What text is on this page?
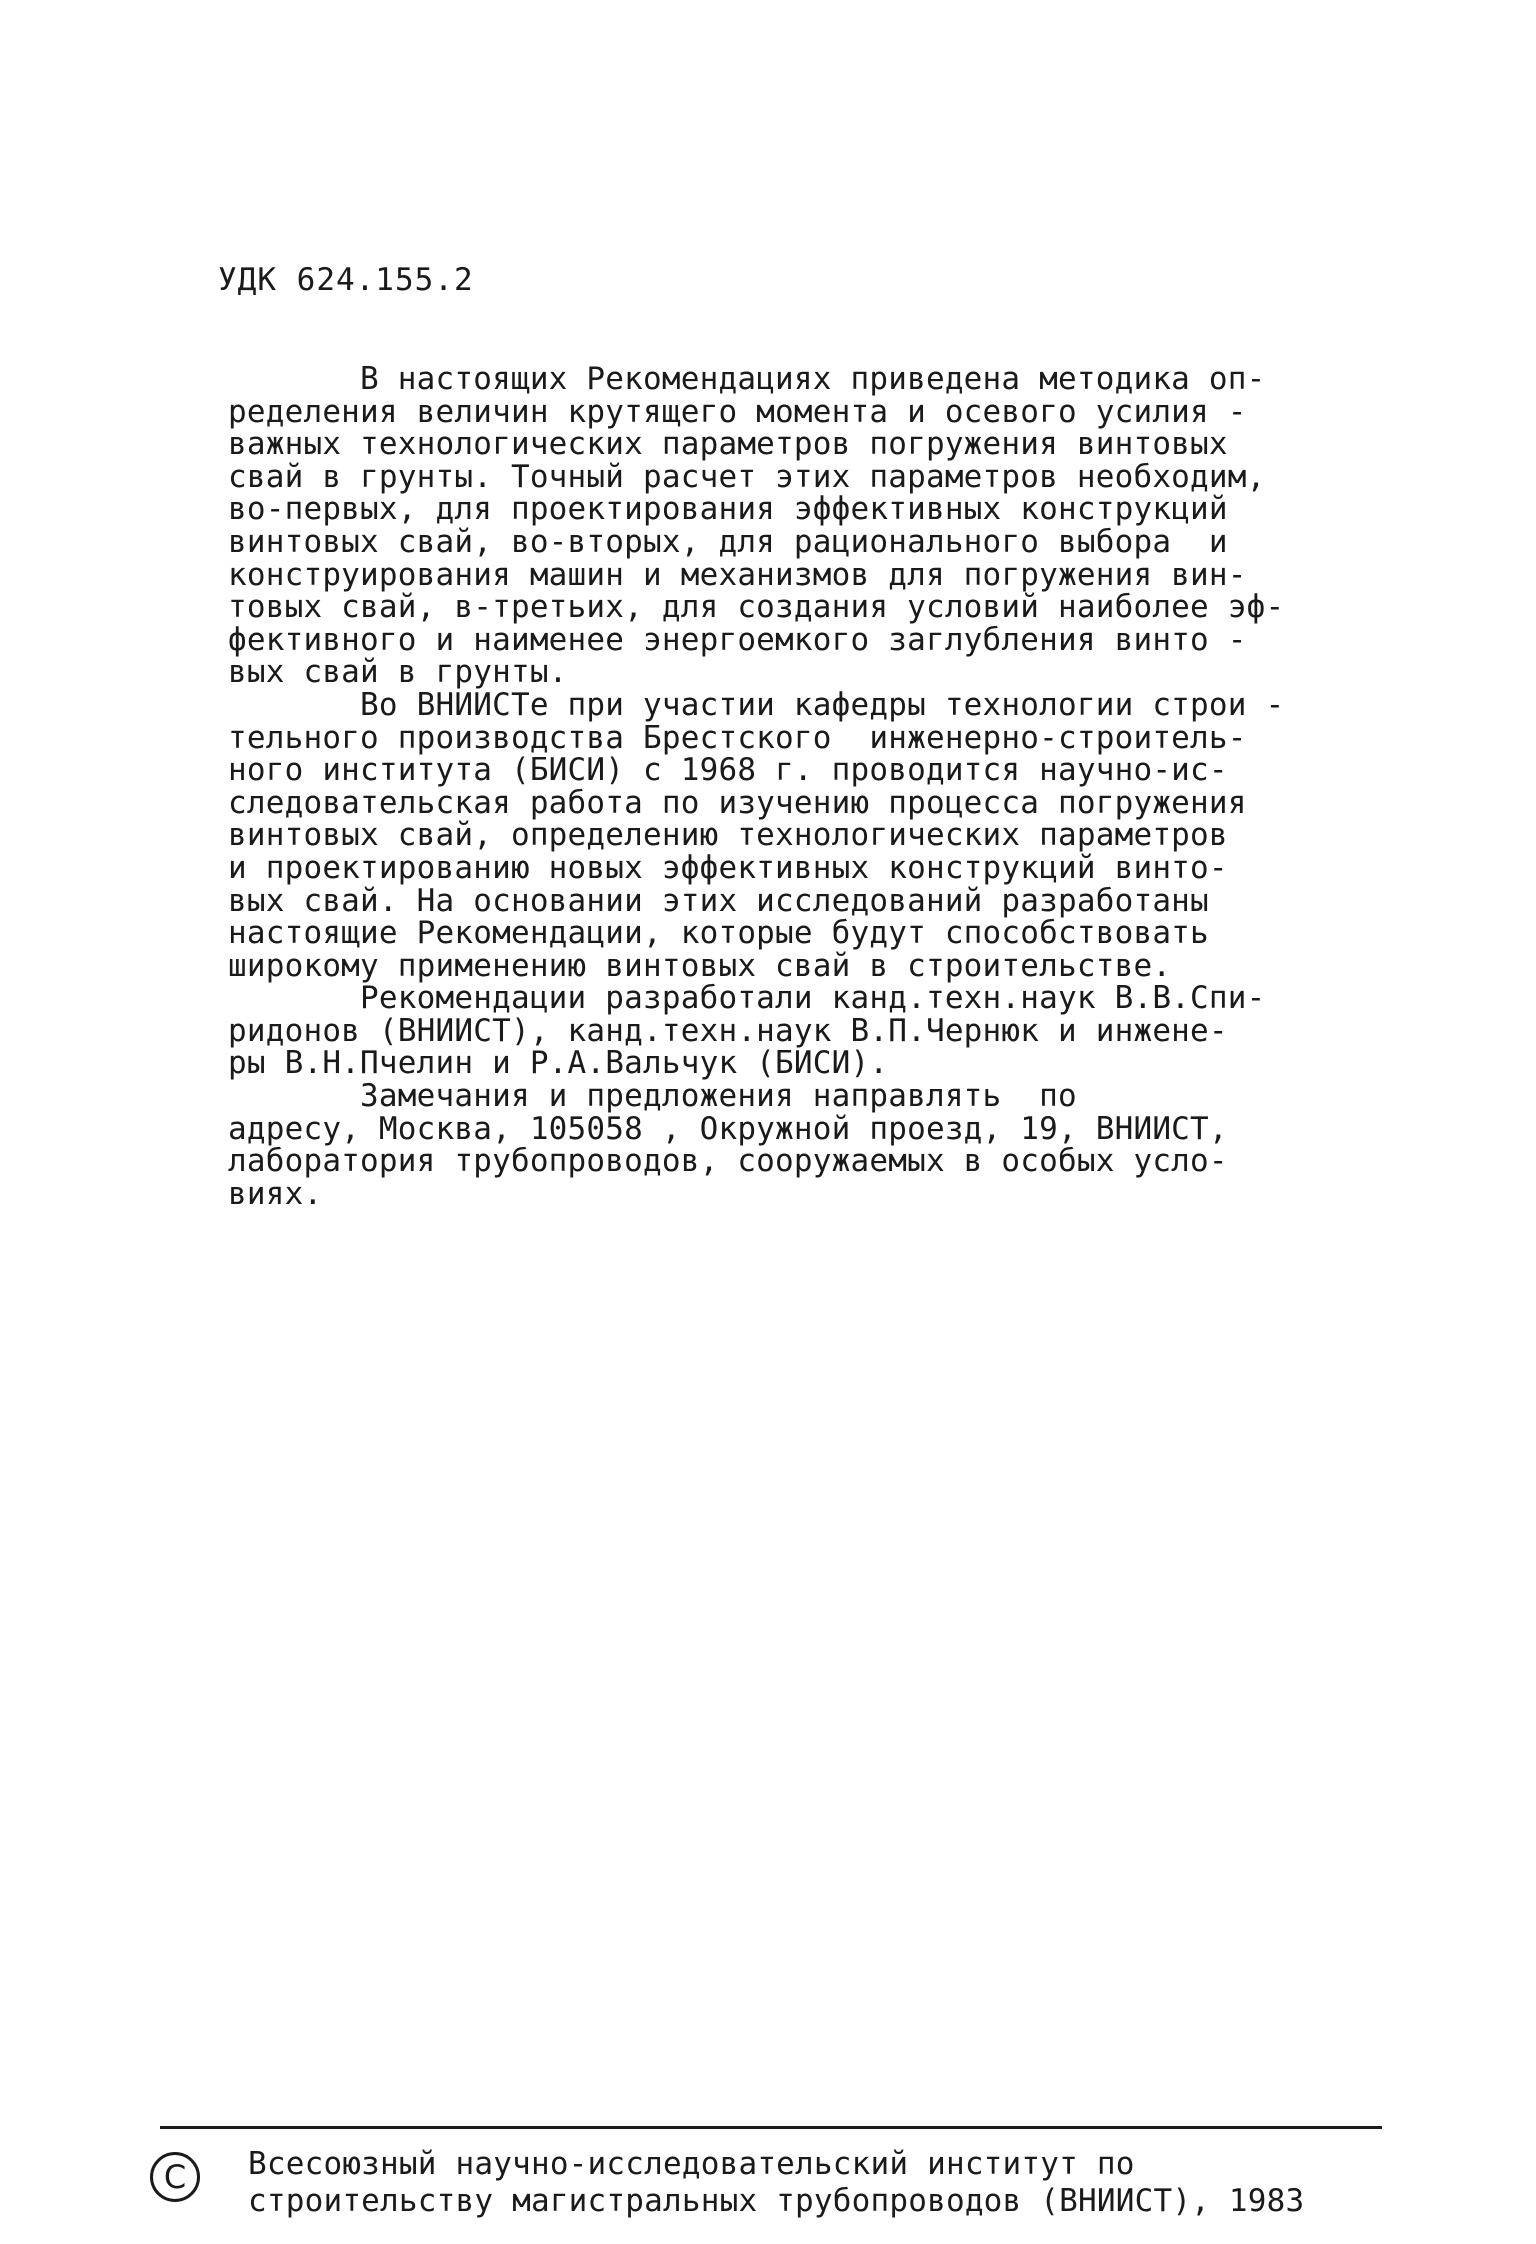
УДК 624.155.2
В настоящих Рекомендациях приведена методика оп-
ределения величин крутящего момента и осевого усилия -
важных технологических параметров погружения винтовых
свай в грунты. Точный расчет этих параметров необходим,
во-первых, для проектирования эффективных конструкций
винтовых свай, во-вторых, для рационального выбора  и
конструирования машин и механизмов для погружения вин-
товых свай, в-третьих, для создания условий наиболее эф-
фективного и наименее энергоемкого заглубления винто -
вых свай в грунты.
Во ВНИИСТе при участии кафедры технологии строи -
тельного производства Брестского  инженерно-строитель-
ного института (БИСИ) с 1968 г. проводится научно-ис-
следовательская работа по изучению процесса погружения
винтовых свай, определению технологических параметров
и проектированию новых эффективных конструкций винто-
вых свай. На основании этих исследований разработаны
настоящие Рекомендации, которые будут способствовать
широкому применению винтовых свай в строительстве.
Рекомендации разработали канд.техн.наук В.В.Спи-
ридонов (ВНИИСТ), канд.техн.наук В.П.Чернюк и инжене-
ры В.Н.Пчелин и Р.А.Вальчук (БИСИ).
Замечания и предложения направлять  по
адресу, Москва, 105058 , Окружной проезд, 19, ВНИИСТ,
лаборатория трубопроводов, сооружаемых в особых усло-
виях.
C	Всесоюзный научно-исследовательский институт по
строительству магистральных трубопроводов (ВНИИСТ), 1983
